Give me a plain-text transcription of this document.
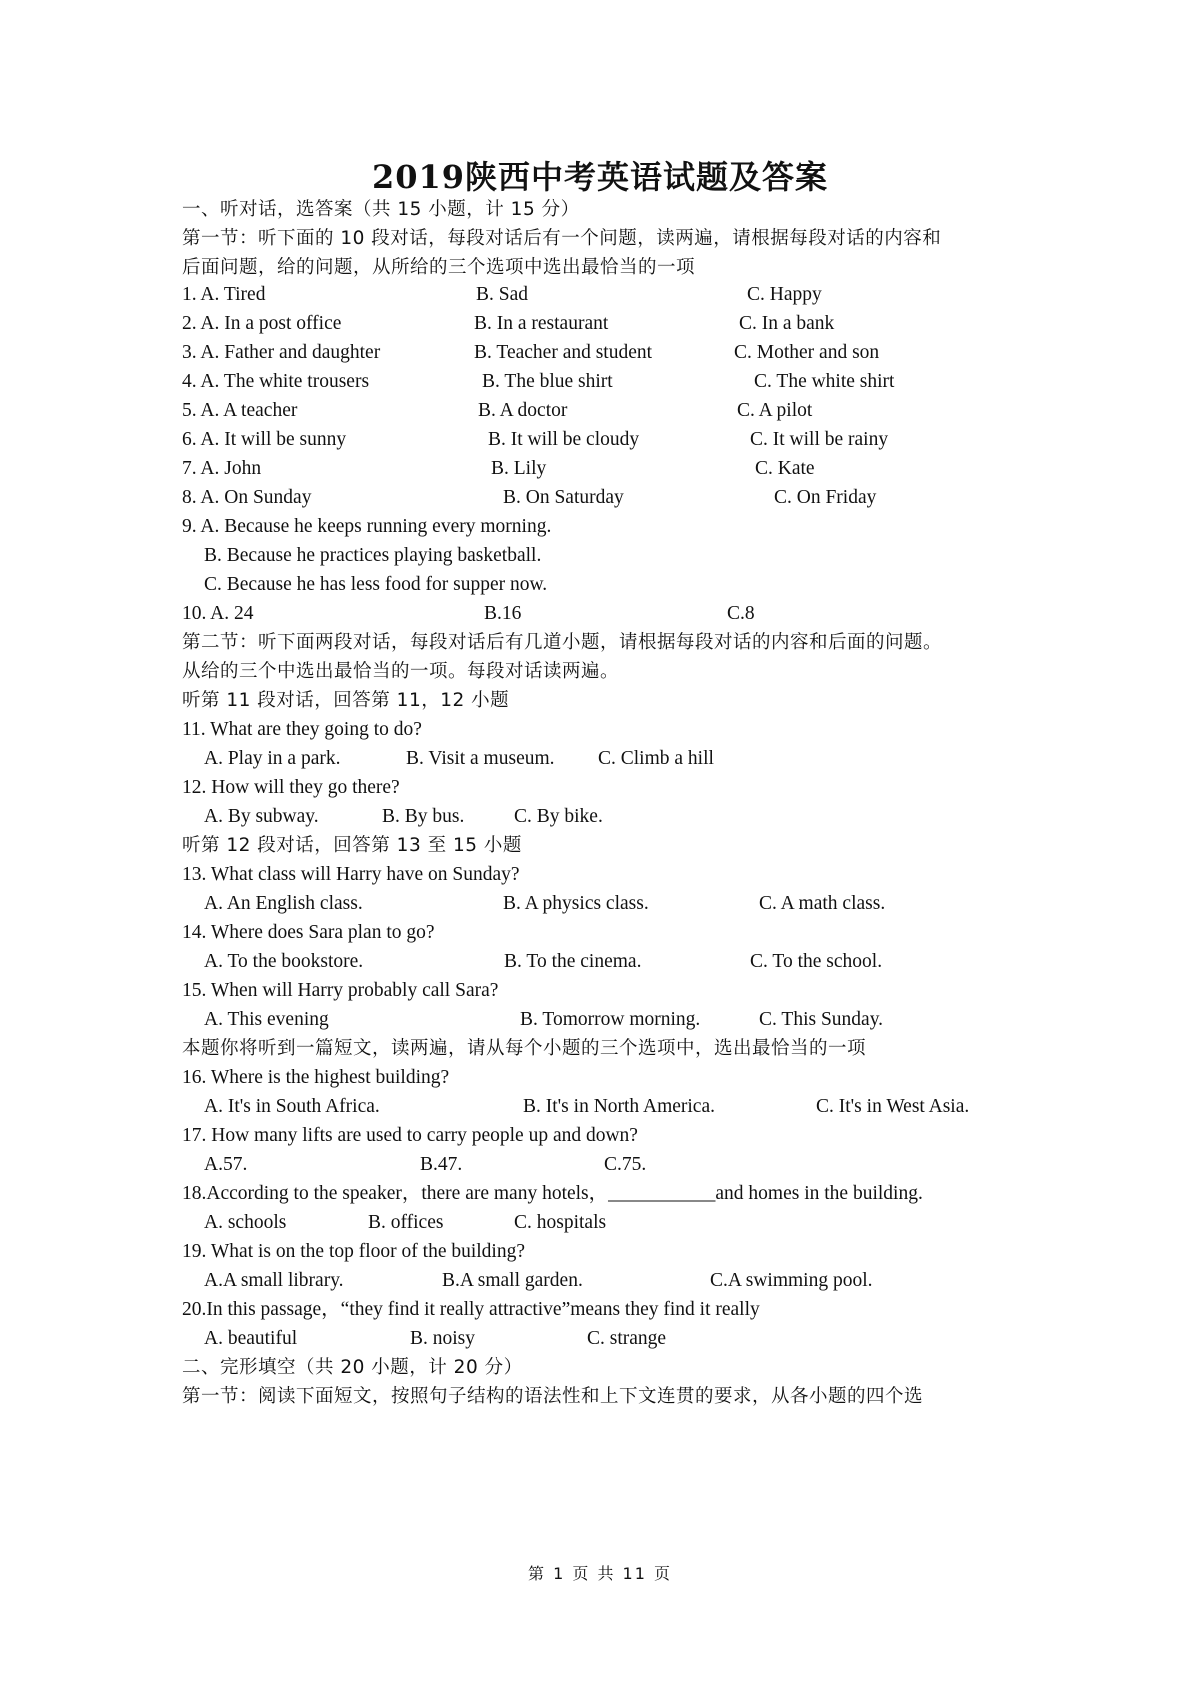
2019陕西中考英语试题及答案
一、听对话，选答案（共 15 小题，计 15 分）
第一节：听下面的 10 段对话，每段对话后有一个问题，读两遍，请根据每段对话的内容和
后面问题，给的问题，从所给的三个选项中选出最恰当的一项
1. A. Tired	B. Sad	C. Happy
2. A. In a post office	B. In a restaurant	C. In a bank
3. A. Father and daughter	B. Teacher and student	C. Mother and son
4. A. The white trousers	B. The blue shirt	C. The white shirt
5. A. A teacher	B. A doctor	C. A pilot
6. A. It will be sunny	B. It will be cloudy	C. It will be rainy
7. A. John	B. Lily	C. Kate
8. A. On Sunday	B. On Saturday	C. On Friday
9. A. Because he keeps running every morning.
B. Because he practices playing basketball.
C. Because he has less food for supper now.
10. A. 24	B.16	C.8
第二节：听下面两段对话，每段对话后有几道小题，请根据每段对话的内容和后面的问题。
从给的三个中选出最恰当的一项。每段对话读两遍。
听第 11 段对话，回答第 11，12 小题
11. What are they going to do?
A. Play in a park.	B. Visit a museum. C. Climb a hill
12. How will they go there?
A. By subway.	B. By bus.	C. By bike.
听第 12 段对话，回答第 13 至 15 小题
13. What class will Harry have on Sunday?
A. An English class.	B. A physics class.	C. A math class.
14. Where does Sara plan to go?
A. To the bookstore.	B. To the cinema.	C. To the school.
15. When will Harry probably call Sara?
A. This evening	B. Tomorrow morning.	C. This Sunday.
本题你将听到一篇短文，读两遍，请从每个小题的三个选项中，选出最恰当的一项
16. Where is the highest building?
A. It's in South Africa.	B. It's in North America.	C. It's in West Asia.
17. How many lifts are used to carry people up and down?
A.57.	B.47.	C.75.
18.According to the speaker，there are many hotels，___________and homes in the building.
A. schools	B. offices	C. hospitals
19. What is on the top floor of the building?
A.A small library.	B.A small garden.	C.A swimming pool.
20.In this passage，“they find it really attractive”means they find it really
A. beautiful	B. noisy	C. strange
二、完形填空（共 20 小题，计 20 分）
第一节：阅读下面短文，按照句子结构的语法性和上下文连贯的要求，从各小题的四个选
第 1 页 共 11 页
